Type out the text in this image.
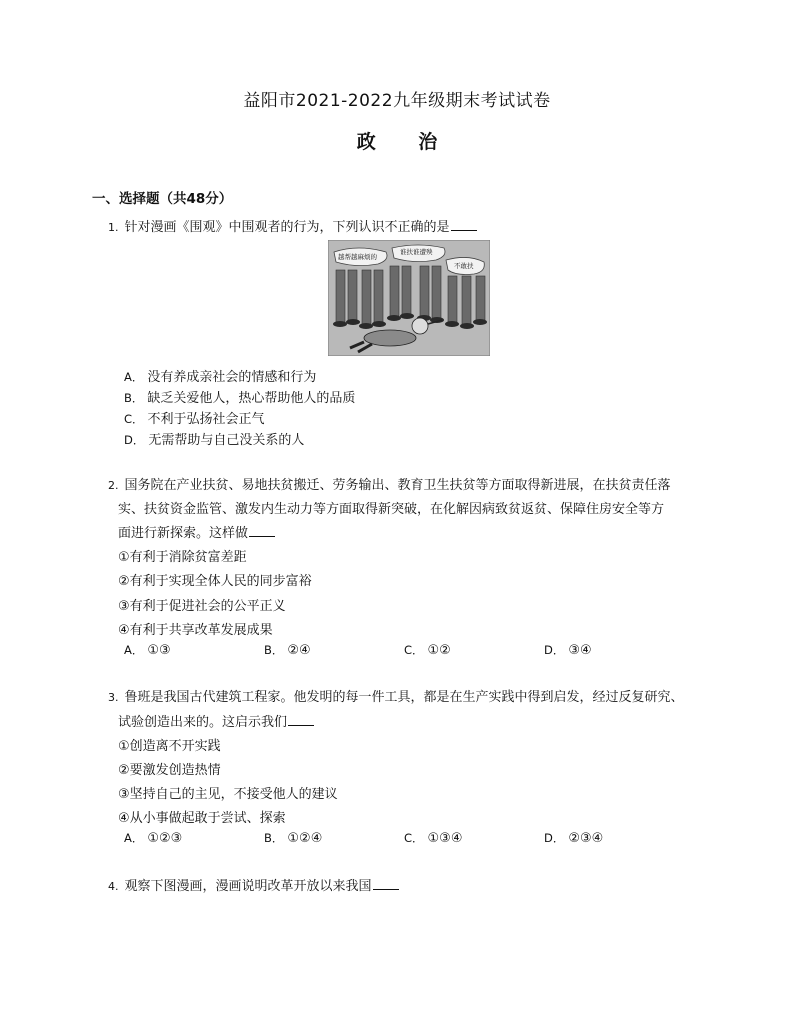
益阳市2021-2022九年级期末考试试卷
政 治
一、选择题（共48分）
1. 针对漫画《围观》中围观者的行为，下列认识不正确的是
越帮越麻烦的
谁扶谁遭殃
不敢扶
A． 没有养成亲社会的情感和行为
B． 缺乏关爱他人，热心帮助他人的品质
C． 不利于弘扬社会正气
D． 无需帮助与自己没关系的人
2. 国务院在产业扶贫、易地扶贫搬迁、劳务输出、教育卫生扶贫等方面取得新进展，在扶贫责任落
实、扶贫资金监管、激发内生动力等方面取得新突破，在化解因病致贫返贫、保障住房安全等方
面进行新探索。这样做
①有利于消除贫富差距
②有利于实现全体人民的同步富裕
③有利于促进社会的公平正义
④有利于共享改革发展成果
A． ①③	B． ②④	C． ①②	D． ③④
3. 鲁班是我国古代建筑工程家。他发明的每一件工具，都是在生产实践中得到启发，经过反复研究、
试验创造出来的。这启示我们
①创造离不开实践
②要激发创造热情
③坚持自己的主见，不接受他人的建议
④从小事做起敢于尝试、探索
A． ①②③	B． ①②④	C． ①③④	D． ②③④
4. 观察下图漫画，漫画说明改革开放以来我国
